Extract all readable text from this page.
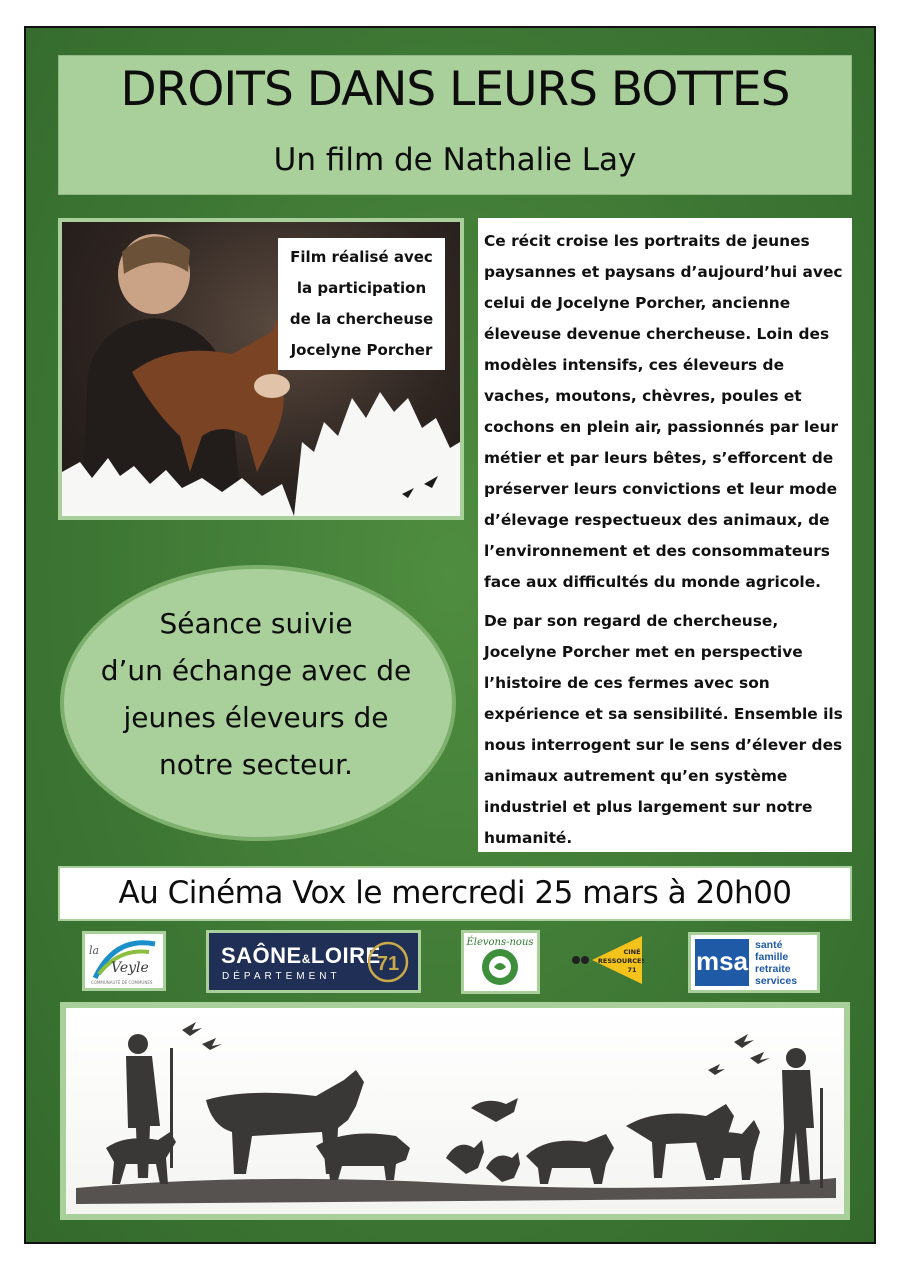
DROITS DANS LEURS BOTTES
Un film de Nathalie Lay
Film réalisé avec
la participation
de la chercheuse
Jocelyne Porcher

Ce récit croise les portraits de jeunes paysannes et paysans d’aujourd’hui avec celui de Jocelyne Porcher, ancienne éleveuse devenue chercheuse. Loin des modèles intensifs, ces éleveurs de vaches, moutons, chèvres, poules et cochons en plein air, passionnés par leur métier et par leurs bêtes, s’efforcent de préserver leurs convictions et leur mode d’élevage respectueux des animaux, de l’environnement et des consommateurs face aux difficultés du monde agricole.

De par son regard de chercheuse, Jocelyne Porcher met en perspective l’histoire de ces fermes avec son expérience et sa sensibilité. Ensemble ils nous interrogent sur le sens d’élever des animaux autrement qu’en système industriel et plus largement sur notre humanité.

Séance suivie
d’un échange avec de
jeunes éleveurs de
notre secteur.
Au Cinéma Vox le mercredi 25 mars à 20h00
la
Veyle
COMMUNAUTÉ DE COMMUNES
SAÔNE&LOIRE
DÉPARTEMENT
71
Élevons-nous
CINÉ
RESSOURCES
71 msa
santé
famille
retraite
services
